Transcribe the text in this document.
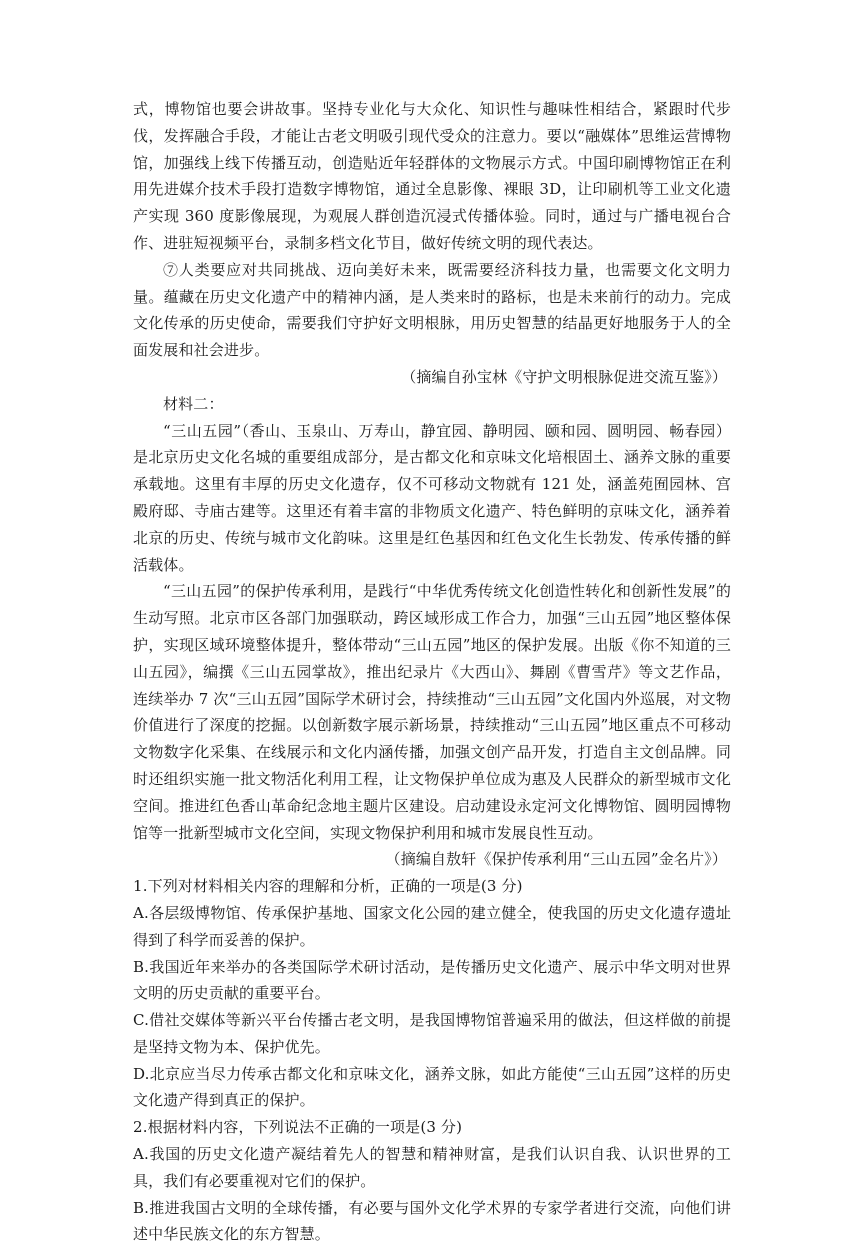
式，博物馆也要会讲故事。坚持专业化与大众化、知识性与趣味性相结合，紧跟时代步伐，发挥融合手段，才能让古老文明吸引现代受众的注意力。要以“融媒体”思维运营博物馆，加强线上线下传播互动，创造贴近年轻群体的文物展示方式。中国印刷博物馆正在利用先进媒介技术手段打造数字博物馆，通过全息影像、裸眼 3D，让印刷机等工业文化遗产实现 360 度影像展现，为观展人群创造沉浸式传播体验。同时，通过与广播电视台合作、进驻短视频平台，录制多档文化节目，做好传统文明的现代表达。

⑦人类要应对共同挑战、迈向美好未来，既需要经济科技力量，也需要文化文明力量。蕴藏在历史文化遗产中的精神内涵，是人类来时的路标，也是未来前行的动力。完成文化传承的历史使命，需要我们守护好文明根脉，用历史智慧的结晶更好地服务于人的全面发展和社会进步。

（摘编自孙宝林《守护文明根脉促进交流互鉴》）

材料二：

“三山五园”（香山、玉泉山、万寿山，静宜园、静明园、颐和园、圆明园、畅春园）是北京历史文化名城的重要组成部分，是古都文化和京味文化培根固土、涵养文脉的重要承载地。这里有丰厚的历史文化遗存，仅不可移动文物就有 121 处，涵盖苑囿园林、宫殿府邸、寺庙古建等。这里还有着丰富的非物质文化遗产、特色鲜明的京味文化，涵养着北京的历史、传统与城市文化韵味。这里是红色基因和红色文化生长勃发、传承传播的鲜活载体。

“三山五园”的保护传承利用，是践行“中华优秀传统文化创造性转化和创新性发展”的生动写照。北京市区各部门加强联动，跨区域形成工作合力，加强“三山五园”地区整体保护，实现区域环境整体提升，整体带动“三山五园”地区的保护发展。出版《你不知道的三山五园》，编撰《三山五园掌故》，推出纪录片《大西山》、舞剧《曹雪芹》等文艺作品，连续举办 7 次“三山五园”国际学术研讨会，持续推动“三山五园”文化国内外巡展，对文物价值进行了深度的挖掘。以创新数字展示新场景，持续推动“三山五园”地区重点不可移动文物数字化采集、在线展示和文化内涵传播，加强文创产品开发，打造自主文创品牌。同时还组织实施一批文物活化利用工程，让文物保护单位成为惠及人民群众的新型城市文化空间。推进红色香山革命纪念地主题片区建设。启动建设永定河文化博物馆、圆明园博物馆等一批新型城市文化空间，实现文物保护利用和城市发展良性互动。

（摘编自敖轩《保护传承利用“三山五园”金名片》）

1.下列对材料相关内容的理解和分析，正确的一项是(3 分)

A.各层级博物馆、传承保护基地、国家文化公园的建立健全，使我国的历史文化遗存遗址得到了科学而妥善的保护。

B.我国近年来举办的各类国际学术研讨活动，是传播历史文化遗产、展示中华文明对世界文明的历史贡献的重要平台。

C.借社交媒体等新兴平台传播古老文明，是我国博物馆普遍采用的做法，但这样做的前提是坚持文物为本、保护优先。

D.北京应当尽力传承古都文化和京味文化，涵养文脉，如此方能使“三山五园”这样的历史文化遗产得到真正的保护。

2.根据材料内容，下列说法不正确的一项是(3 分)

A.我国的历史文化遗产凝结着先人的智慧和精神财富，是我们认识自我、认识世界的工具，我们有必要重视对它们的保护。

B.推进我国古文明的全球传播，有必要与国外文化学术界的专家学者进行交流，向他们讲述中华民族文化的东方智慧。
